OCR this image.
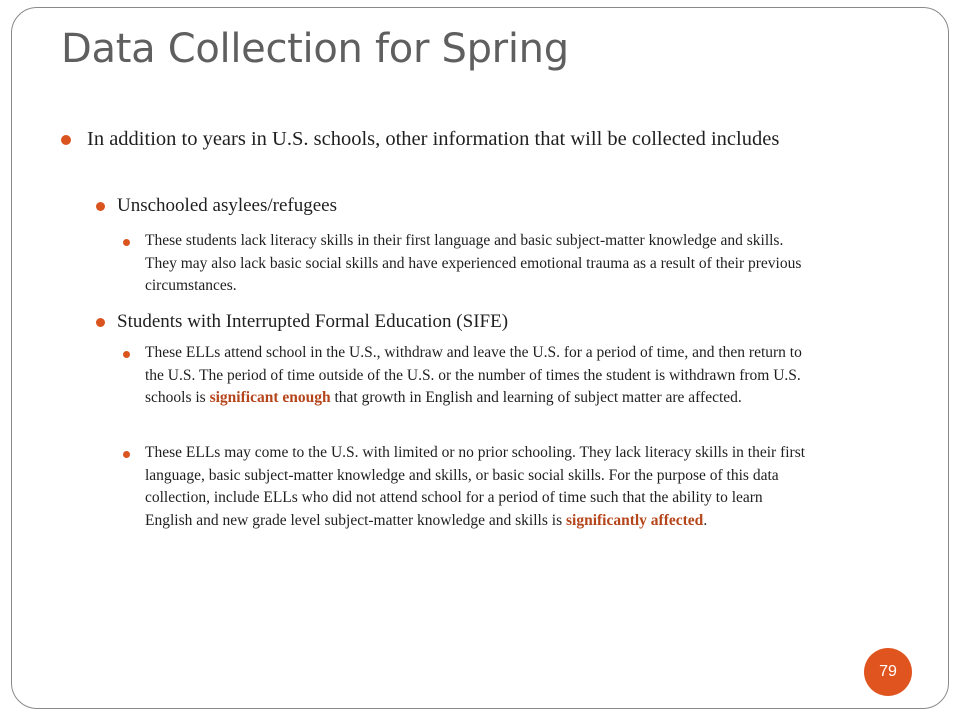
Data Collection for Spring
In addition to years in U.S. schools, other information that will be collected includes
Unschooled asylees/refugees
These students lack literacy skills in their first language and basic subject-matter knowledge and skills. They may also lack basic social skills and have experienced emotional trauma as a result of their previous circumstances.
Students with Interrupted Formal Education (SIFE)
These ELLs attend school in the U.S., withdraw and leave the U.S. for a period of time, and then return to the U.S. The period of time outside of the U.S. or the number of times the student is withdrawn from U.S. schools is significant enough that growth in English and learning of subject matter are affected.
These ELLs may come to the U.S. with limited or no prior schooling. They lack literacy skills in their first language, basic subject-matter knowledge and skills, or basic social skills. For the purpose of this data collection, include ELLs who did not attend school for a period of time such that the ability to learn English and new grade level subject-matter knowledge and skills is significantly affected.
79
